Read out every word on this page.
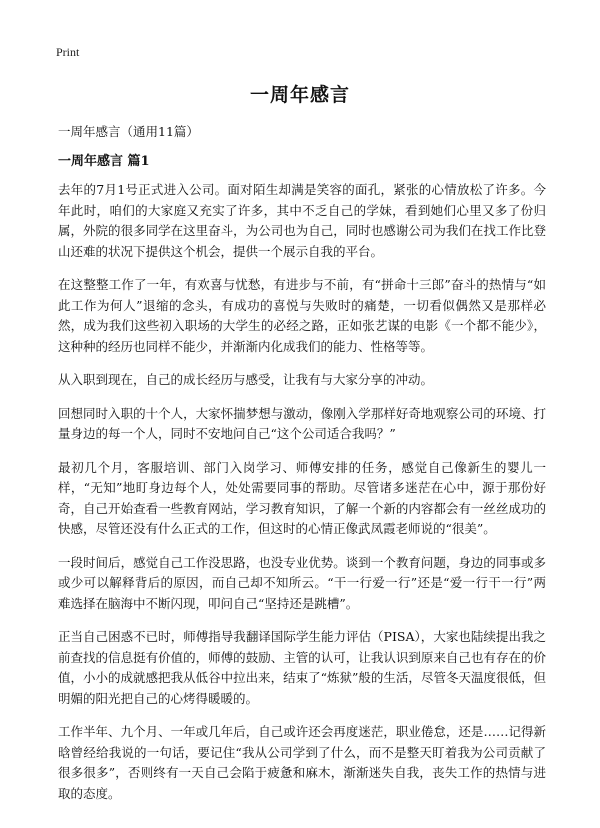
Print
一周年感言
一周年感言（通用11篇）
一周年感言 篇1

去年的7月1号正式进入公司。面对陌生却满是笑容的面孔，紧张的心情放松了许多。今年此时，咱们的大家庭又充实了许多，其中不乏自己的学妹，看到她们心里又多了份归属，外院的很多同学在这里奋斗，为公司也为自己，同时也感谢公司为我们在找工作比登山还难的状况下提供这个机会，提供一个展示自我的平台。

在这整整工作了一年，有欢喜与忧愁，有进步与不前，有“拼命十三郎”奋斗的热情与“如此工作为何人”退缩的念头，有成功的喜悦与失败时的痛楚，一切看似偶然又是那样必然，成为我们这些初入职场的大学生的必经之路，正如张艺谋的电影《一个都不能少》，这种种的经历也同样不能少，并渐渐内化成我们的能力、性格等等。

从入职到现在，自己的成长经历与感受，让我有与大家分享的冲动。

回想同时入职的十个人，大家怀揣梦想与激动，像刚入学那样好奇地观察公司的环境、打量身边的每一个人，同时不安地问自己“这个公司适合我吗？”

最初几个月，客服培训、部门入岗学习、师傅安排的任务，感觉自己像新生的婴儿一样，“无知”地盯身边每个人，处处需要同事的帮助。尽管诸多迷茫在心中，源于那份好奇，自己开始查看一些教育网站，学习教育知识，了解一个新的内容都会有一丝丝成功的快感，尽管还没有什么正式的工作，但这时的心情正像武凤霞老师说的“很美”。

一段时间后，感觉自己工作没思路，也没专业优势。谈到一个教育问题，身边的同事或多或少可以解释背后的原因，而自己却不知所云。“干一行爱一行”还是“爱一行干一行”两难选择在脑海中不断闪现，叩问自己“坚持还是跳槽”。

正当自己困惑不已时，师傅指导我翻译国际学生能力评估（PISA），大家也陆续提出我之前查找的信息挺有价值的，师傅的鼓励、主管的认可，让我认识到原来自己也有存在的价值，小小的成就感把我从低谷中拉出来，结束了“炼狱”般的生活，尽管冬天温度很低，但明媚的阳光把自己的心烤得暖暖的。

工作半年、九个月、一年或几年后，自己或许还会再度迷茫，职业倦怠，还是……记得新晗曾经给我说的一句话，要记住“我从公司学到了什么，而不是整天盯着我为公司贡献了很多很多”，否则终有一天自己会陷于疲惫和麻木，渐渐迷失自我，丧失工作的热情与进取的态度。
